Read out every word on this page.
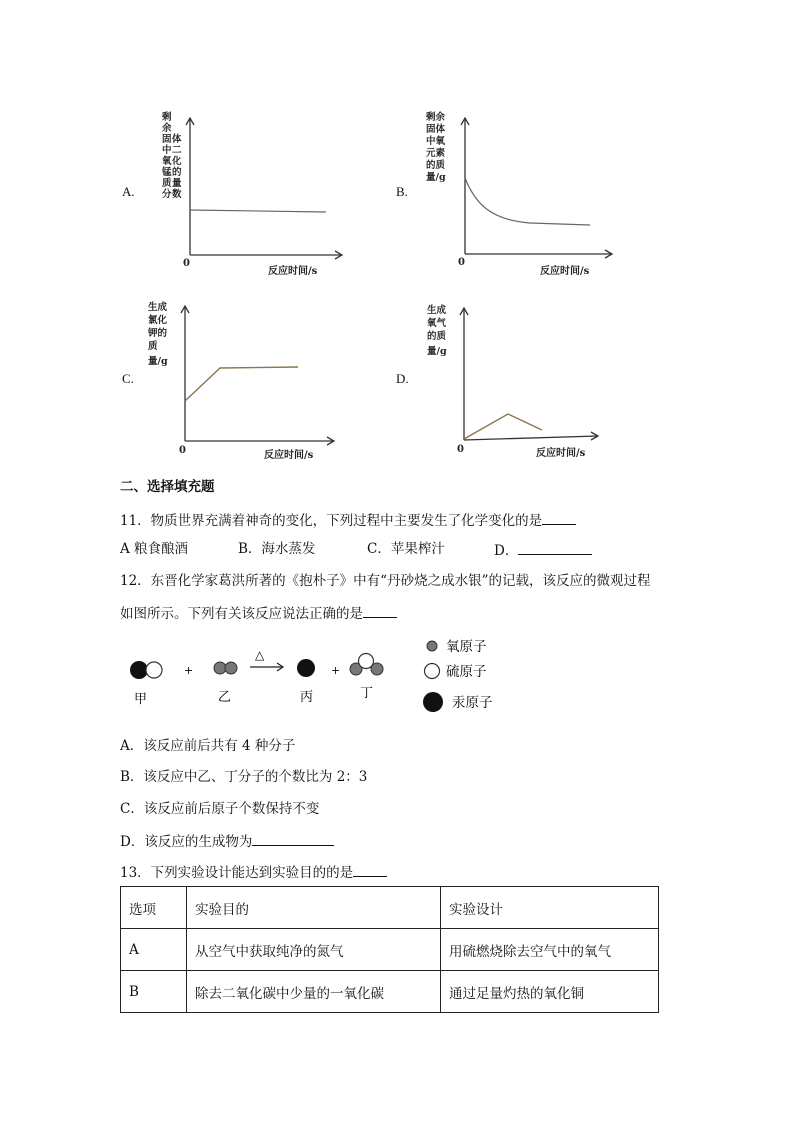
A.
剩
余
固 体
中 二
氧 化
锰 的
质 量
分 数
0
反应时间/s
B.
剩余
固体
中氧
元素
的质
量/g
0
反应时间/s
C.
生成
氯化
钾的
质
量/g
0	反应时间/s
D.
生成
氧气
的质
量/g
0	反应时间/s
二、选择填充题
11．物质世界充满着神奇的变化，下列过程中主要发生了化学变化的是
A 粮食酿酒	B．海水蒸发	C．苹果榨汁	D．
12．东晋化学家葛洪所著的《抱朴子》中有“丹砂烧之成水银”的记载，该反应的微观过程
如图所示。下列有关该反应说法正确的是
甲
+
乙
△
丙
+
丁
氧原子
硫原子
汞原子
A．该反应前后共有 4 种分子
B．该反应中乙、丁分子的个数比为 2：3
C．该反应前后原子个数保持不变
D．该反应的生成物为
13．下列实验设计能达到实验目的的是
选项	实验目的	实验设计
A	从空气中获取纯净的氮气	用硫燃烧除去空气中的氧气
B	除去二氧化碳中少量的一氧化碳	通过足量灼热的氧化铜
